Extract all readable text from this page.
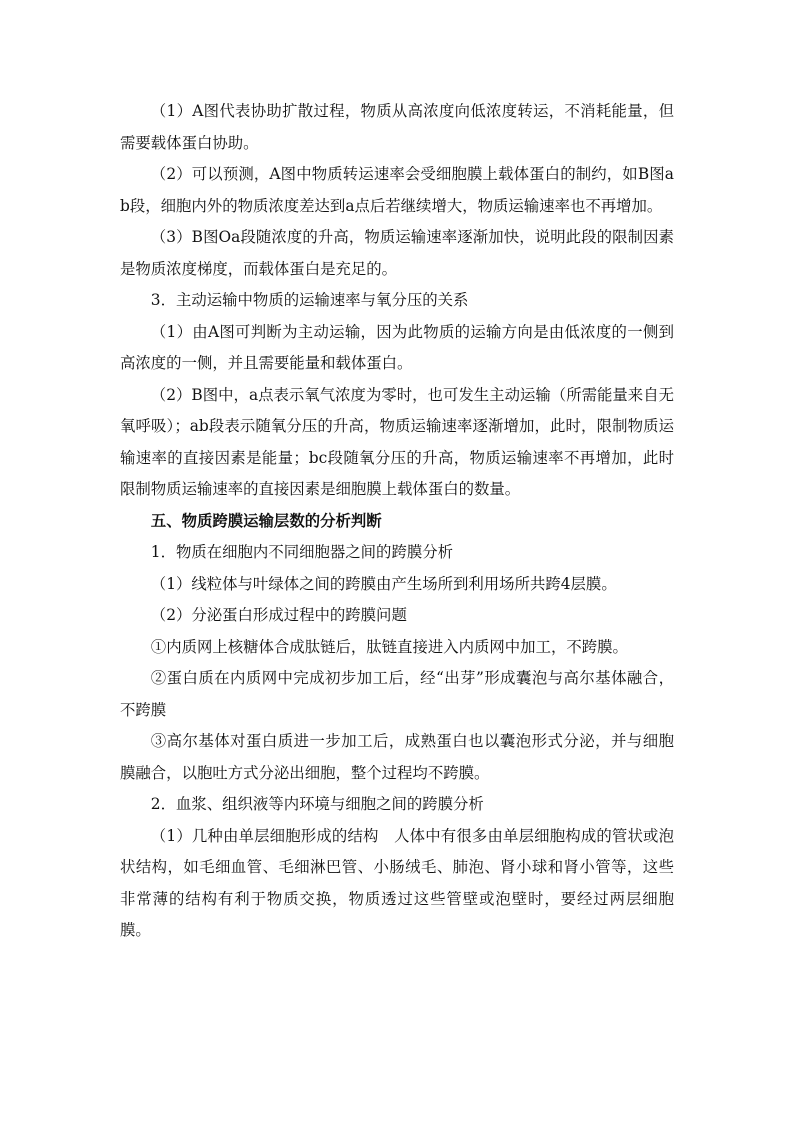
（1）A图代表协助扩散过程，物质从高浓度向低浓度转运，不消耗能量，但需要载体蛋白协助。

（2）可以预测，A图中物质转运速率会受细胞膜上载体蛋白的制约，如B图ab段，细胞内外的物质浓度差达到a点后若继续增大，物质运输速率也不再增加。

（3）B图Oa段随浓度的升高，物质运输速率逐渐加快，说明此段的限制因素是物质浓度梯度，而载体蛋白是充足的。

3．主动运输中物质的运输速率与氧分压的关系

（1）由A图可判断为主动运输，因为此物质的运输方向是由低浓度的一侧到高浓度的一侧，并且需要能量和载体蛋白。

（2）B图中，a点表示氧气浓度为零时，也可发生主动运输（所需能量来自无氧呼吸）；ab段表示随氧分压的升高，物质运输速率逐渐增加，此时，限制物质运输速率的直接因素是能量；bc段随氧分压的升高，物质运输速率不再增加，此时限制物质运输速率的直接因素是细胞膜上载体蛋白的数量。

五、物质跨膜运输层数的分析判断

1．物质在细胞内不同细胞器之间的跨膜分析

（1）线粒体与叶绿体之间的跨膜由产生场所到利用场所共跨4层膜。

（2）分泌蛋白形成过程中的跨膜问题

①内质网上核糖体合成肽链后，肽链直接进入内质网中加工，不跨膜。

②蛋白质在内质网中完成初步加工后，经“出芽”形成囊泡与高尔基体融合，不跨膜

③高尔基体对蛋白质进一步加工后，成熟蛋白也以囊泡形式分泌，并与细胞膜融合，以胞吐方式分泌出细胞，整个过程均不跨膜。

2．血浆、组织液等内环境与细胞之间的跨膜分析

（1）几种由单层细胞形成的结构　人体中有很多由单层细胞构成的管状或泡状结构，如毛细血管、毛细淋巴管、小肠绒毛、肺泡、肾小球和肾小管等，这些非常薄的结构有利于物质交换，物质透过这些管壁或泡壁时，要经过两层细胞膜。
